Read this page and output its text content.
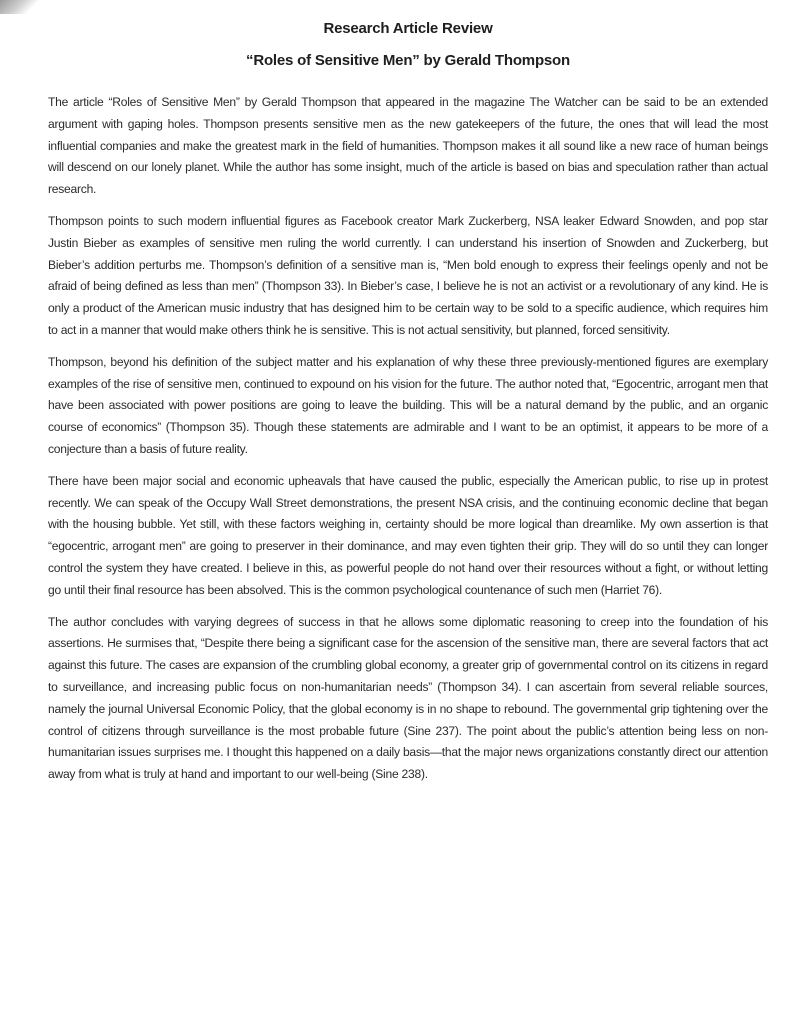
Research Article Review
“Roles of Sensitive Men” by Gerald Thompson

The article “Roles of Sensitive Men” by Gerald Thompson that appeared in the magazine The Watcher can be said to be an extended argument with gaping holes. Thompson presents sensitive men as the new gatekeepers of the future, the ones that will lead the most influential companies and make the greatest mark in the field of humanities. Thompson makes it all sound like a new race of human beings will descend on our lonely planet. While the author has some insight, much of the article is based on bias and speculation rather than actual research.

Thompson points to such modern influential figures as Facebook creator Mark Zuckerberg, NSA leaker Edward Snowden, and pop star Justin Bieber as examples of sensitive men ruling the world currently. I can understand his insertion of Snowden and Zuckerberg, but Bieber’s addition perturbs me. Thompson’s definition of a sensitive man is, “Men bold enough to express their feelings openly and not be afraid of being defined as less than men” (Thompson 33). In Bieber’s case, I believe he is not an activist or a revolutionary of any kind. He is only a product of the American music industry that has designed him to be certain way to be sold to a specific audience, which requires him to act in a manner that would make others think he is sensitive. This is not actual sensitivity, but planned, forced sensitivity.

Thompson, beyond his definition of the subject matter and his explanation of why these three previously-mentioned figures are exemplary examples of the rise of sensitive men, continued to expound on his vision for the future. The author noted that, “Egocentric, arrogant men that have been associated with power positions are going to leave the building. This will be a natural demand by the public, and an organic course of economics” (Thompson 35). Though these statements are admirable and I want to be an optimist, it appears to be more of a conjecture than a basis of future reality.

There have been major social and economic upheavals that have caused the public, especially the American public, to rise up in protest recently. We can speak of the Occupy Wall Street demonstrations, the present NSA crisis, and the continuing economic decline that began with the housing bubble. Yet still, with these factors weighing in, certainty should be more logical than dreamlike. My own assertion is that “egocentric, arrogant men” are going to preserver in their dominance, and may even tighten their grip. They will do so until they can longer control the system they have created. I believe in this, as powerful people do not hand over their resources without a fight, or without letting go until their final resource has been absolved. This is the common psychological countenance of such men (Harriet 76).

The author concludes with varying degrees of success in that he allows some diplomatic reasoning to creep into the foundation of his assertions. He surmises that, “Despite there being a significant case for the ascension of the sensitive man, there are several factors that act against this future. The cases are expansion of the crumbling global economy, a greater grip of governmental control on its citizens in regard to surveillance, and increasing public focus on non-humanitarian needs” (Thompson 34). I can ascertain from several reliable sources, namely the journal Universal Economic Policy, that the global economy is in no shape to rebound. The governmental grip tightening over the control of citizens through surveillance is the most probable future (Sine 237). The point about the public’s attention being less on non-humanitarian issues surprises me. I thought this happened on a daily basis—that the major news organizations constantly direct our attention away from what is truly at hand and important to our well-being (Sine 238).
